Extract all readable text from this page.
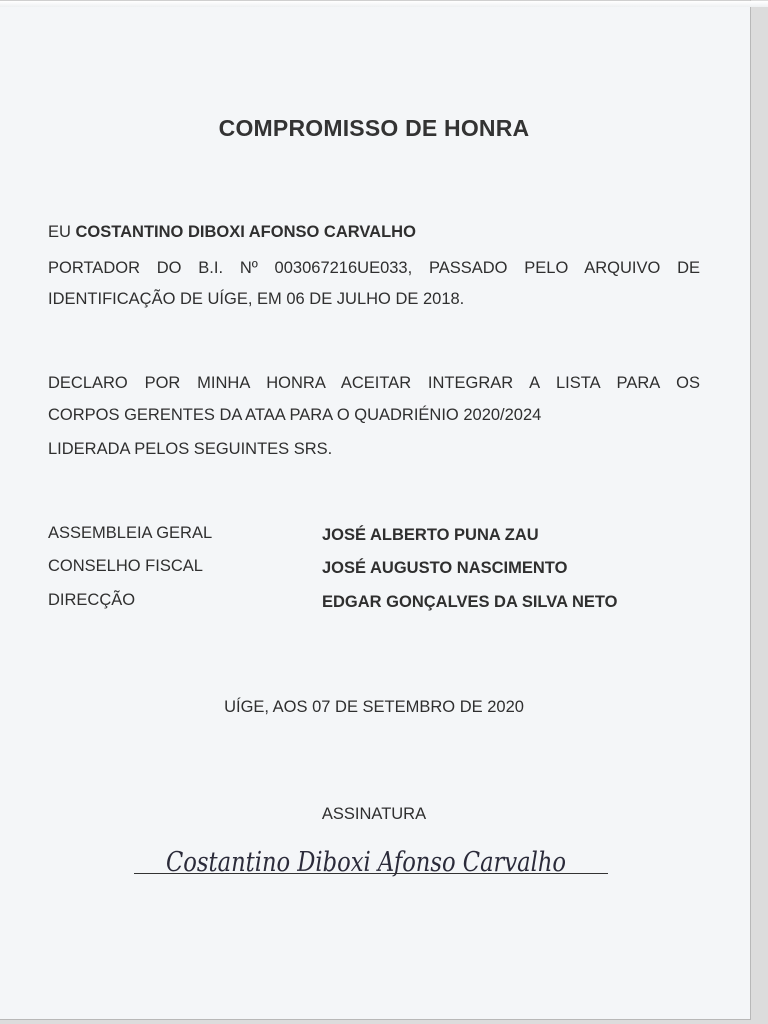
COMPROMISSO DE HONRA
EU COSTANTINO DIBOXI AFONSO CARVALHO
PORTADOR DO B.I. Nº 003067216UE033, PASSADO PELO ARQUIVO DE
IDENTIFICAÇÃO DE UÍGE, EM 06 DE JULHO DE 2018.
DECLARO POR MINHA HONRA ACEITAR INTEGRAR A LISTA PARA OS
CORPOS GERENTES DA ATAA PARA O QUADRIÉNIO 2020/2024
LIDERADA PELOS SEGUINTES SRS.
ASSEMBLEIA GERAL	JOSÉ ALBERTO PUNA ZAU
CONSELHO FISCAL	JOSÉ AUGUSTO NASCIMENTO
DIRECÇÃO	EDGAR GONÇALVES DA SILVA NETO
UÍGE, AOS 07 DE SETEMBRO DE 2020
ASSINATURA
Costantino Diboxi Afonso Carvalho
